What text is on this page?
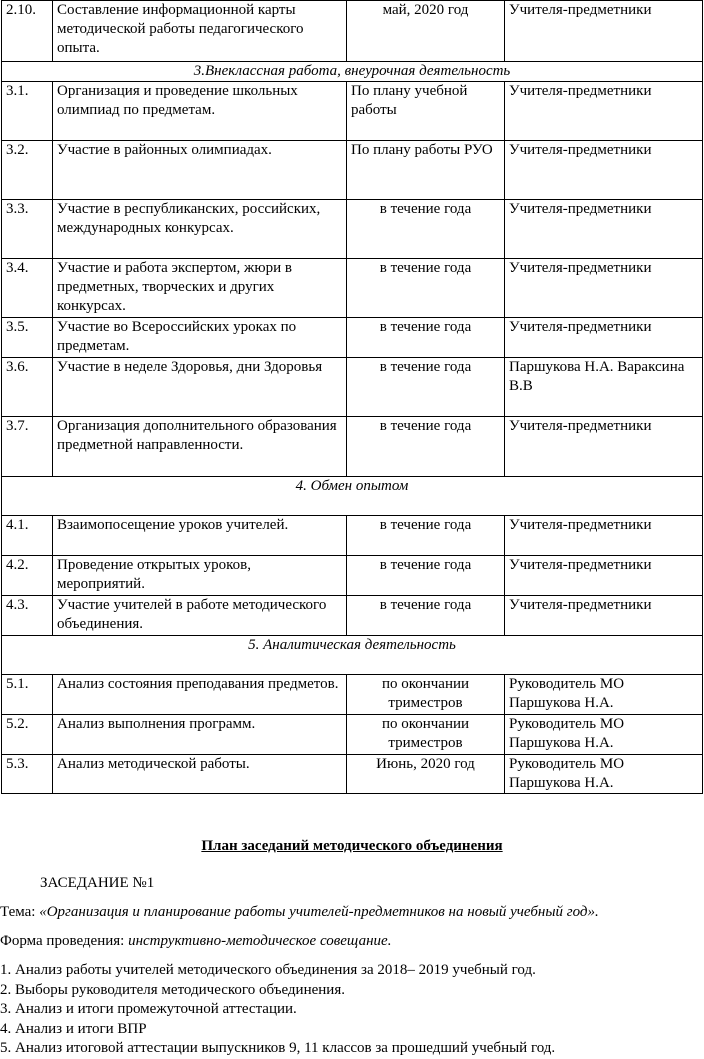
2.10.	Составление информационной карты методической работы педагогического опыта.	май, 2020 год	Учителя-предметники
3.Внеклассная работа, внеурочная деятельность			
3.1.	Организация и проведение школьных олимпиад по предметам.	По плану учебной работы	Учителя-предметники
3.2.	Участие в районных олимпиадах.	По плану работы РУО	Учителя-предметники
3.3.	Участие в республиканских, российских, международных конкурсах.	в течение года	Учителя-предметники
3.4.	Участие и работа экспертом, жюри в предметных, творческих и других конкурсах.	в течение года	Учителя-предметники
3.5.	Участие во Всероссийских уроках по предметам.	в течение года	Учителя-предметники
3.6.	Участие в неделе Здоровья, дни Здоровья	в течение года	Паршукова Н.А. Вараксина В.В
3.7.	Организация дополнительного образования предметной направленности.	в течение года	Учителя-предметники
4. Обмен опытом			
4.1.	Взаимопосещение уроков учителей.	в течение года	Учителя-предметники
4.2.	Проведение открытых уроков, мероприятий.	в течение года	Учителя-предметники
4.3.	Участие учителей в работе методического объединения.	в течение года	Учителя-предметники
5. Аналитическая деятельность			
5.1.	Анализ состояния преподавания предметов.	по окончании триместров	Руководитель МО Паршукова Н.А.
5.2.	Анализ выполнения программ.	по окончании триместров	Руководитель МО Паршукова Н.А.
5.3.	Анализ методической работы.	Июнь, 2020 год	Руководитель МО Паршукова Н.А.
План заседаний методического объединения
ЗАСЕДАНИЕ №1
Тема: «Организация и планирование работы учителей-предметников на новый учебный год».
Форма проведения: инструктивно-методическое совещание.
1. Анализ работы учителей методического объединения за 2018– 2019 учебный год.
2. Выборы руководителя методического объединения.
3. Анализ и итоги промежуточной аттестации.
4. Анализ и итоги ВПР
5. Анализ итоговой аттестации выпускников 9, 11 классов за прошедший учебный год.
